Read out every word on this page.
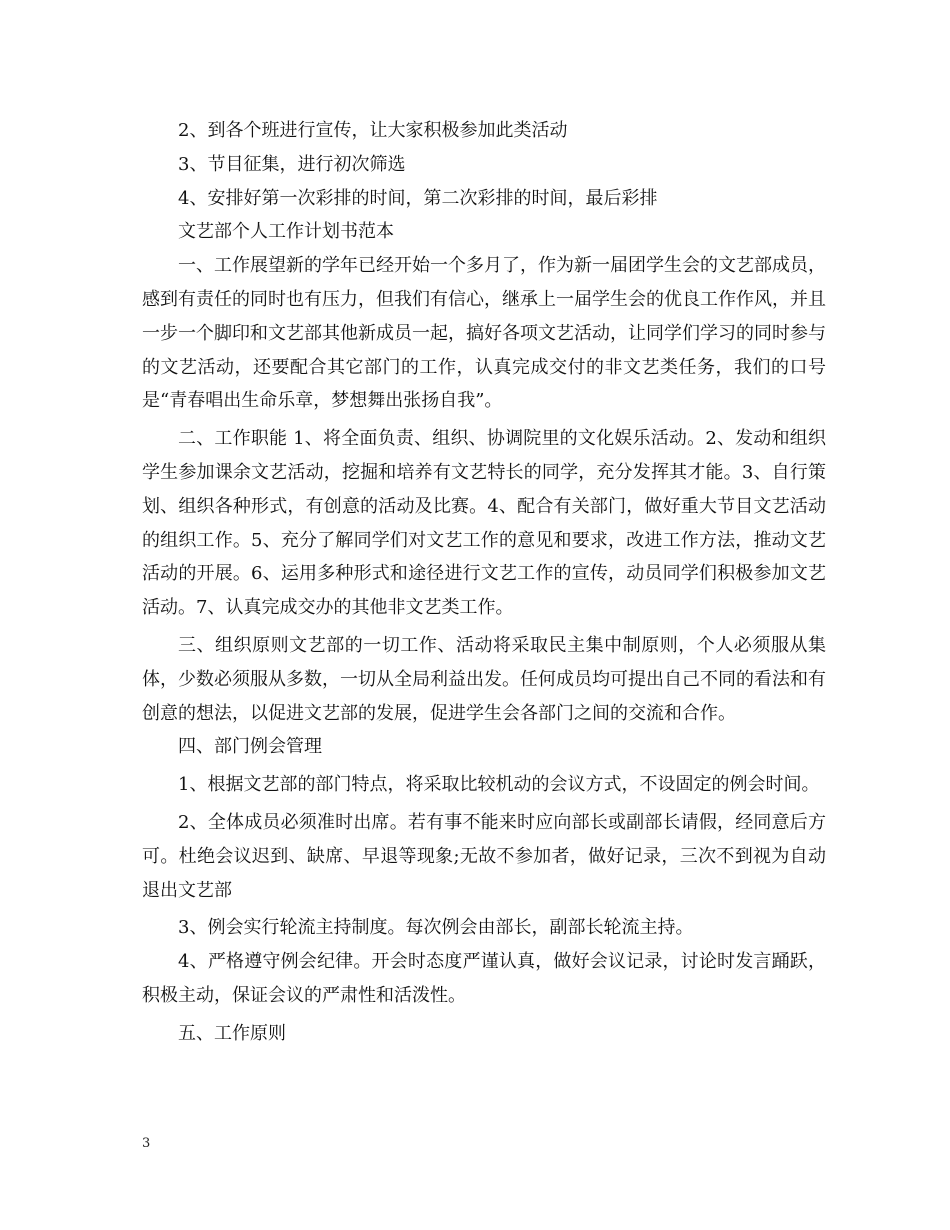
2、到各个班进行宣传，让大家积极参加此类活动

3、节目征集，进行初次筛选

4、安排好第一次彩排的时间，第二次彩排的时间，最后彩排

文艺部个人工作计划书范本

一、工作展望新的学年已经开始一个多月了，作为新一届团学生会的文艺部成员，感到有责任的同时也有压力，但我们有信心，继承上一届学生会的优良工作作风，并且一步一个脚印和文艺部其他新成员一起，搞好各项文艺活动，让同学们学习的同时参与的文艺活动，还要配合其它部门的工作，认真完成交付的非文艺类任务，我们的口号是“青春唱出生命乐章，梦想舞出张扬自我”。

二、工作职能 1、将全面负责、组织、协调院里的文化娱乐活动。2、发动和组织学生参加课余文艺活动，挖掘和培养有文艺特长的同学，充分发挥其才能。3、自行策划、组织各种形式，有创意的活动及比赛。4、配合有关部门，做好重大节目文艺活动的组织工作。5、充分了解同学们对文艺工作的意见和要求，改进工作方法，推动文艺活动的开展。6、运用多种形式和途径进行文艺工作的宣传，动员同学们积极参加文艺活动。7、认真完成交办的其他非文艺类工作。

三、组织原则文艺部的一切工作、活动将采取民主集中制原则，个人必须服从集体，少数必须服从多数，一切从全局利益出发。任何成员均可提出自己不同的看法和有创意的想法，以促进文艺部的发展，促进学生会各部门之间的交流和合作。

四、部门例会管理

1、根据文艺部的部门特点，将采取比较机动的会议方式，不设固定的例会时间。

2、全体成员必须准时出席。若有事不能来时应向部长或副部长请假，经同意后方可。杜绝会议迟到、缺席、早退等现象;无故不参加者，做好记录，三次不到视为自动退出文艺部

3、例会实行轮流主持制度。每次例会由部长，副部长轮流主持。

4、严格遵守例会纪律。开会时态度严谨认真，做好会议记录，讨论时发言踊跃，积极主动，保证会议的严肃性和活泼性。

五、工作原则

3
